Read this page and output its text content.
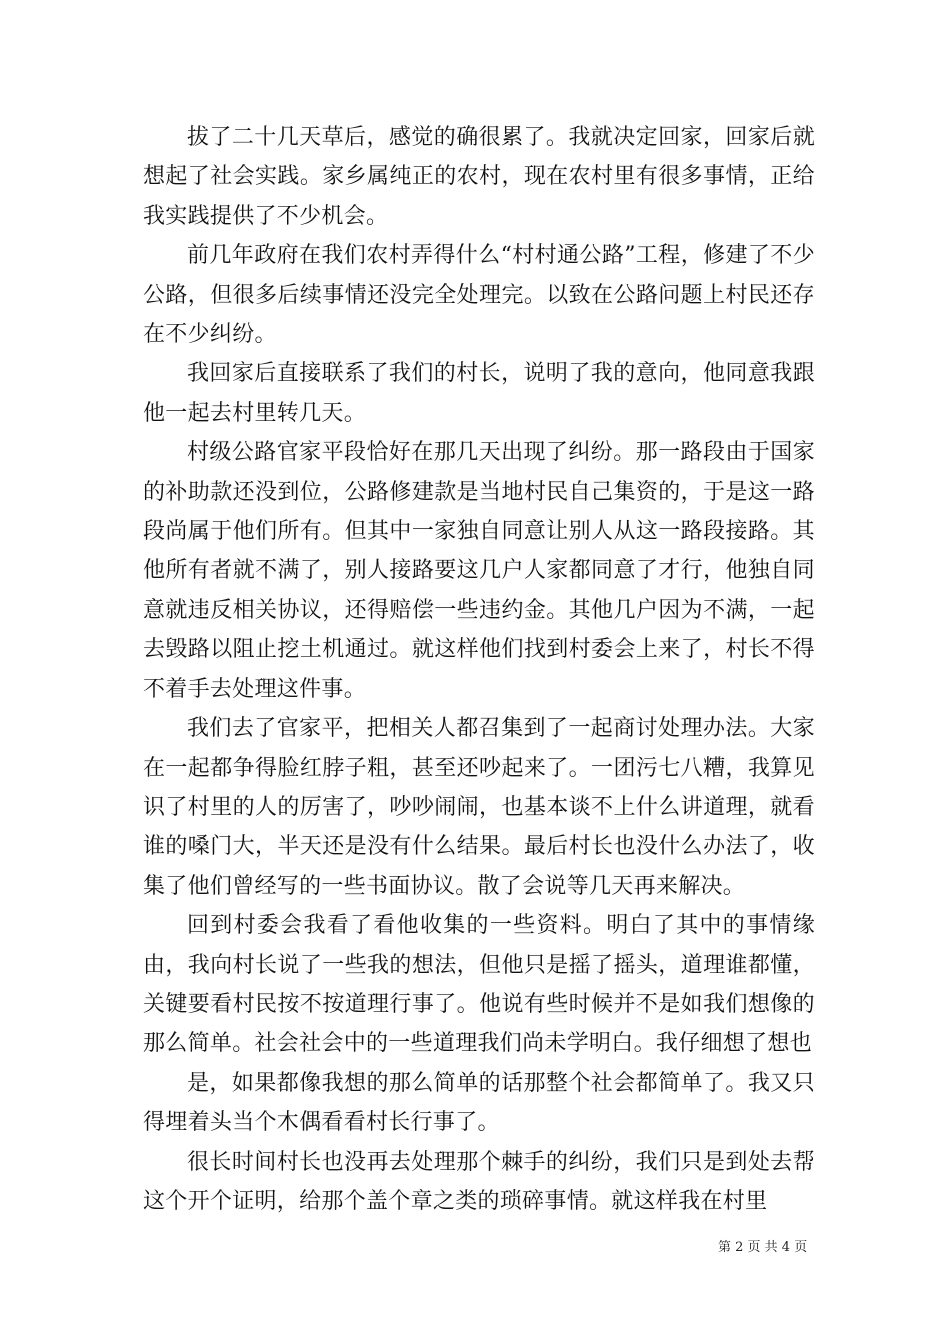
拔了二十几天草后，感觉的确很累了。我就决定回家，回家后就想起了社会实践。家乡属纯正的农村，现在农村里有很多事情，正给我实践提供了不少机会。

前几年政府在我们农村弄得什么“村村通公路”工程，修建了不少公路，但很多后续事情还没完全处理完。以致在公路问题上村民还存在不少纠纷。

我回家后直接联系了我们的村长，说明了我的意向，他同意我跟他一起去村里转几天。

村级公路官家平段恰好在那几天出现了纠纷。那一路段由于国家的补助款还没到位，公路修建款是当地村民自己集资的，于是这一路段尚属于他们所有。但其中一家独自同意让别人从这一路段接路。其他所有者就不满了，别人接路要这几户人家都同意了才行，他独自同意就违反相关协议，还得赔偿一些违约金。其他几户因为不满，一起去毁路以阻止挖土机通过。就这样他们找到村委会上来了，村长不得不着手去处理这件事。

我们去了官家平，把相关人都召集到了一起商讨处理办法。大家在一起都争得脸红脖子粗，甚至还吵起来了。一团污七八糟，我算见识了村里的人的厉害了，吵吵闹闹，也基本谈不上什么讲道理，就看谁的嗓门大，半天还是没有什么结果。最后村长也没什么办法了，收集了他们曾经写的一些书面协议。散了会说等几天再来解决。

回到村委会我看了看他收集的一些资料。明白了其中的事情缘由，我向村长说了一些我的想法，但他只是摇了摇头，道理谁都懂，关键要看村民按不按道理行事了。他说有些时候并不是如我们想像的那么简单。社会社会中的一些道理我们尚未学明白。我仔细想了想也

是，如果都像我想的那么简单的话那整个社会都简单了。我又只得埋着头当个木偶看看村长行事了。

很长时间村长也没再去处理那个棘手的纠纷，我们只是到处去帮这个开个证明，给那个盖个章之类的琐碎事情。就这样我在村里

第 2 页 共 4 页
